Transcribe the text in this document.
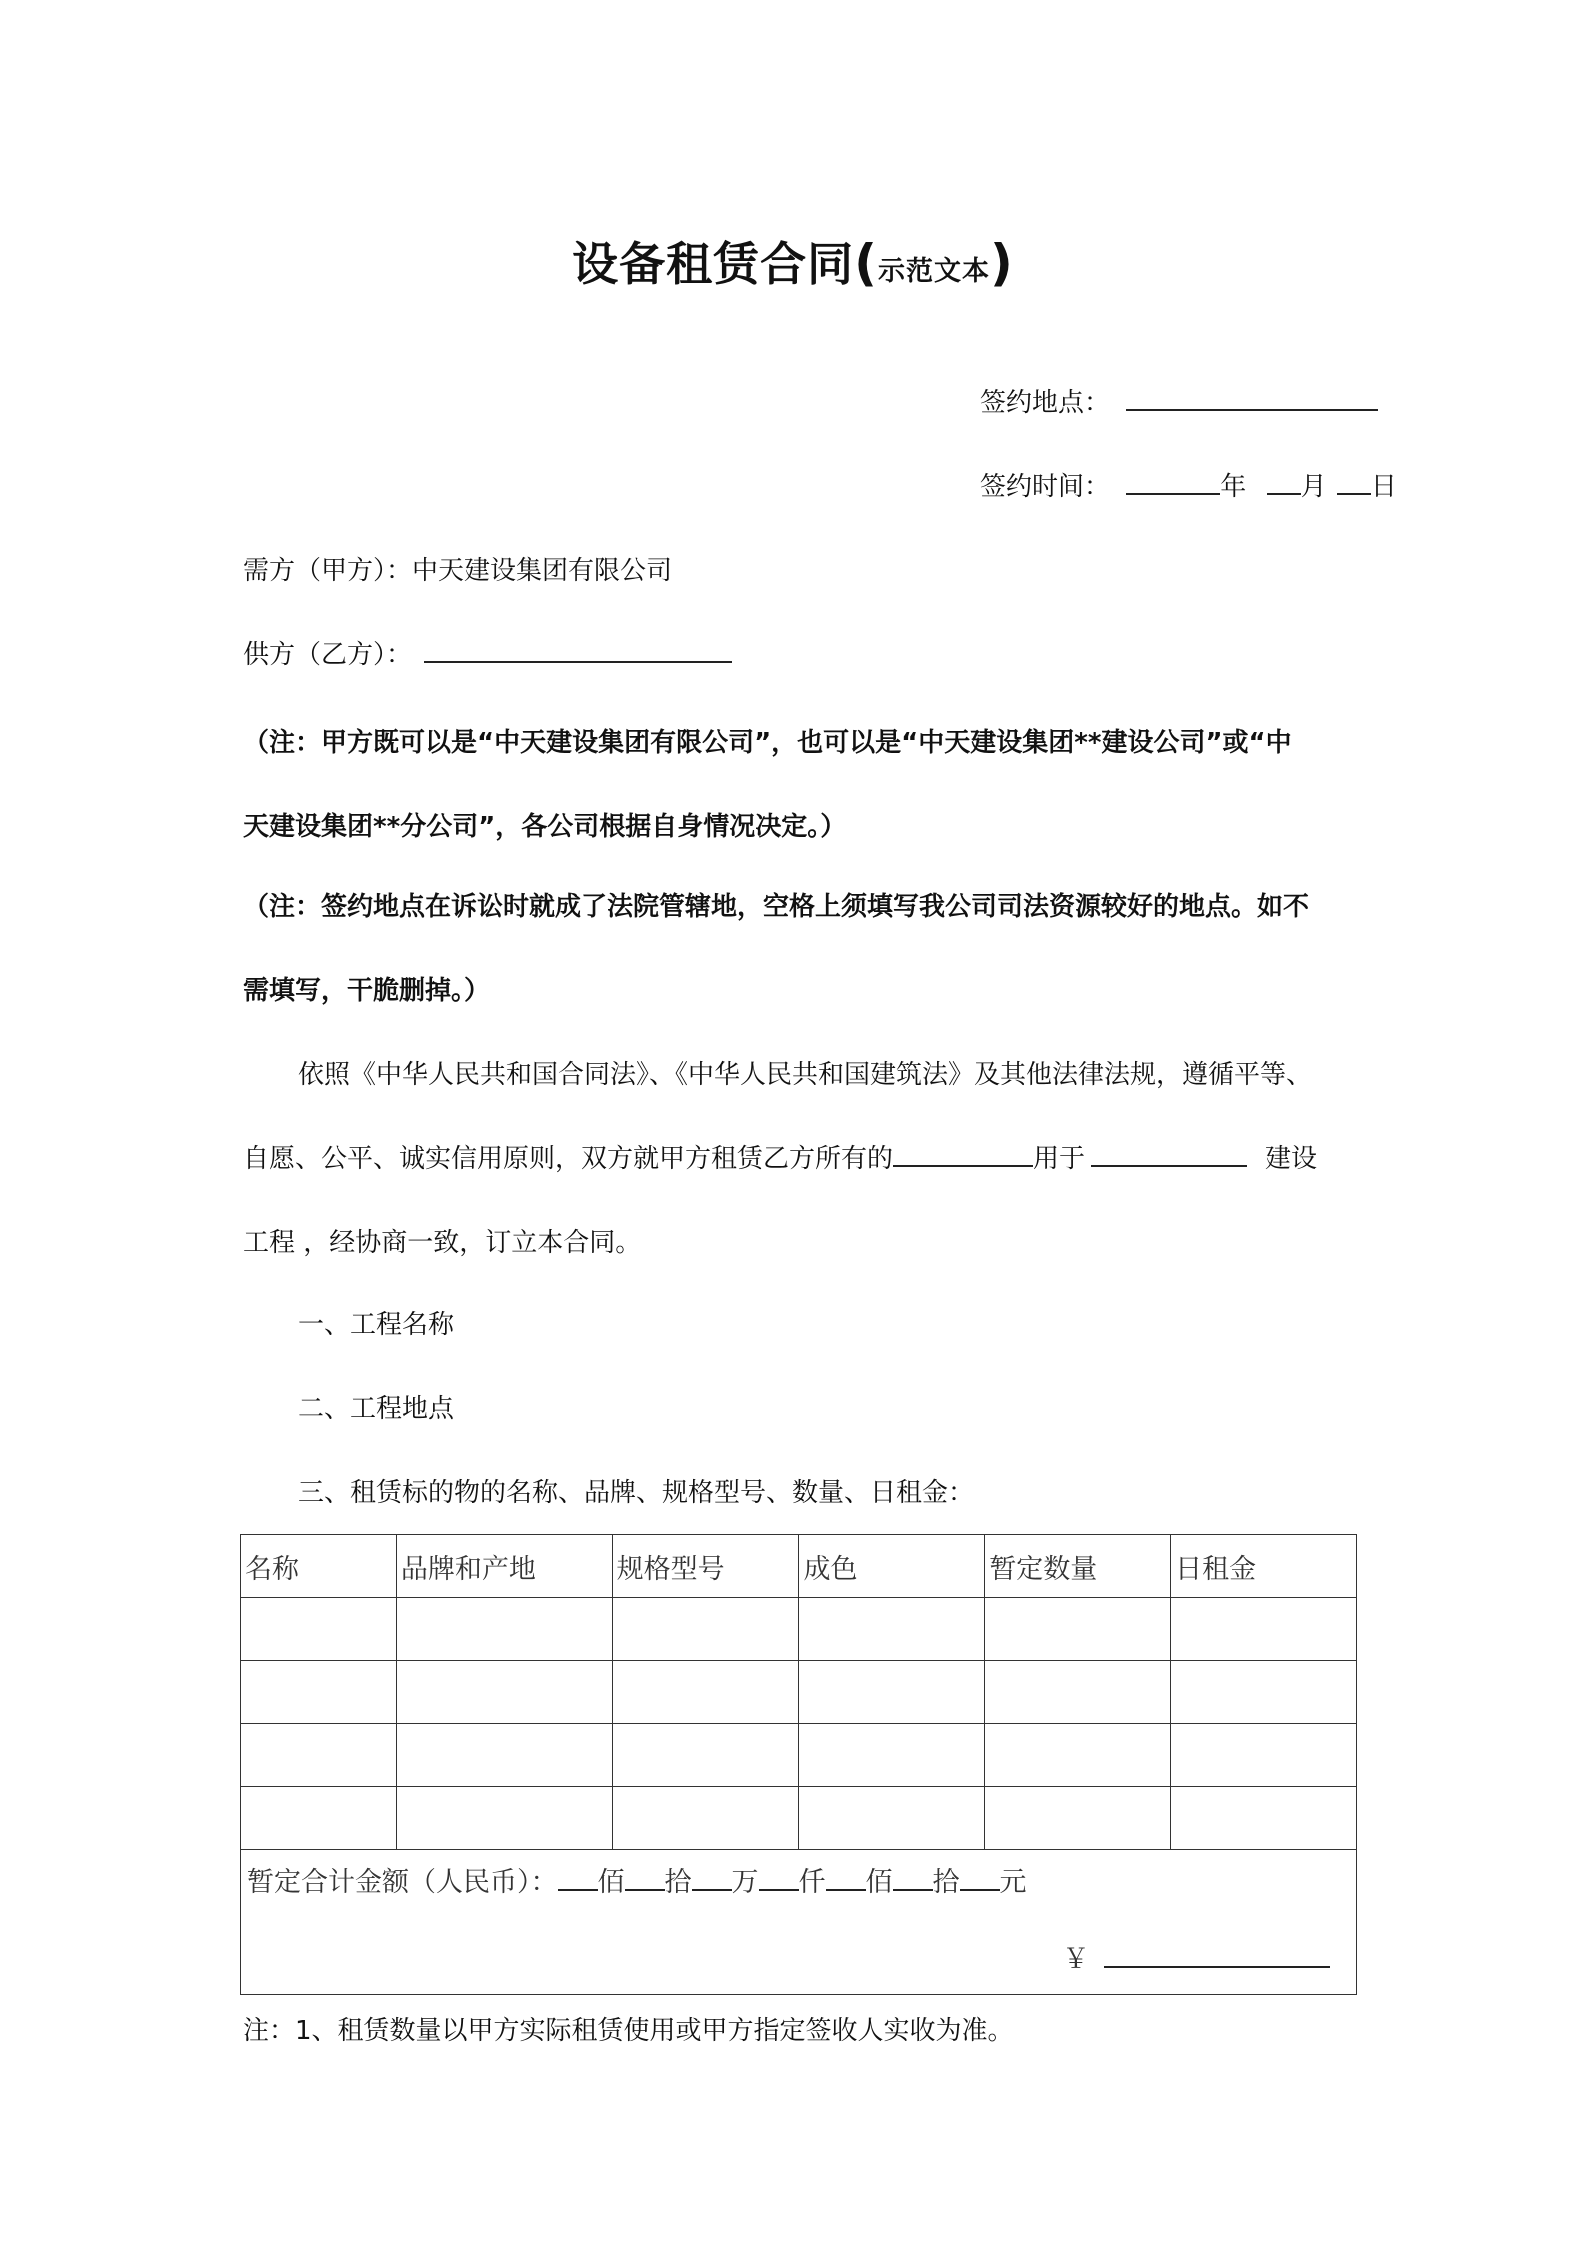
设备租赁合同(示范文本)
签约地点：
签约时间：	年 月 日
需方（甲方）：中天建设集团有限公司
供方（乙方）：
（注：甲方既可以是“中天建设集团有限公司”，也可以是“中天建设集团**建设公司”或“中
天建设集团**分公司”，各公司根据自身情况决定。）
（注：签约地点在诉讼时就成了法院管辖地，空格上须填写我公司司法资源较好的地点。如不
需填写，干脆删掉。）
依照《中华人民共和国合同法》、《中华人民共和国建筑法》及其他法律法规，遵循平等、
自愿、公平、诚实信用原则，双方就甲方租赁乙方所有的	用于	建设
工程 ，经协商一致，订立本合同。
一、工程名称
二、工程地点
三、租赁标的物的名称、品牌、规格型号、数量、日租金：
名称	品牌和产地	规格型号	成色	暂定数量	日租金

暂定合计金额（人民币）： 佰 拾 万 仟 佰 拾 元
￥					
注：1、租赁数量以甲方实际租赁使用或甲方指定签收人实收为准。
